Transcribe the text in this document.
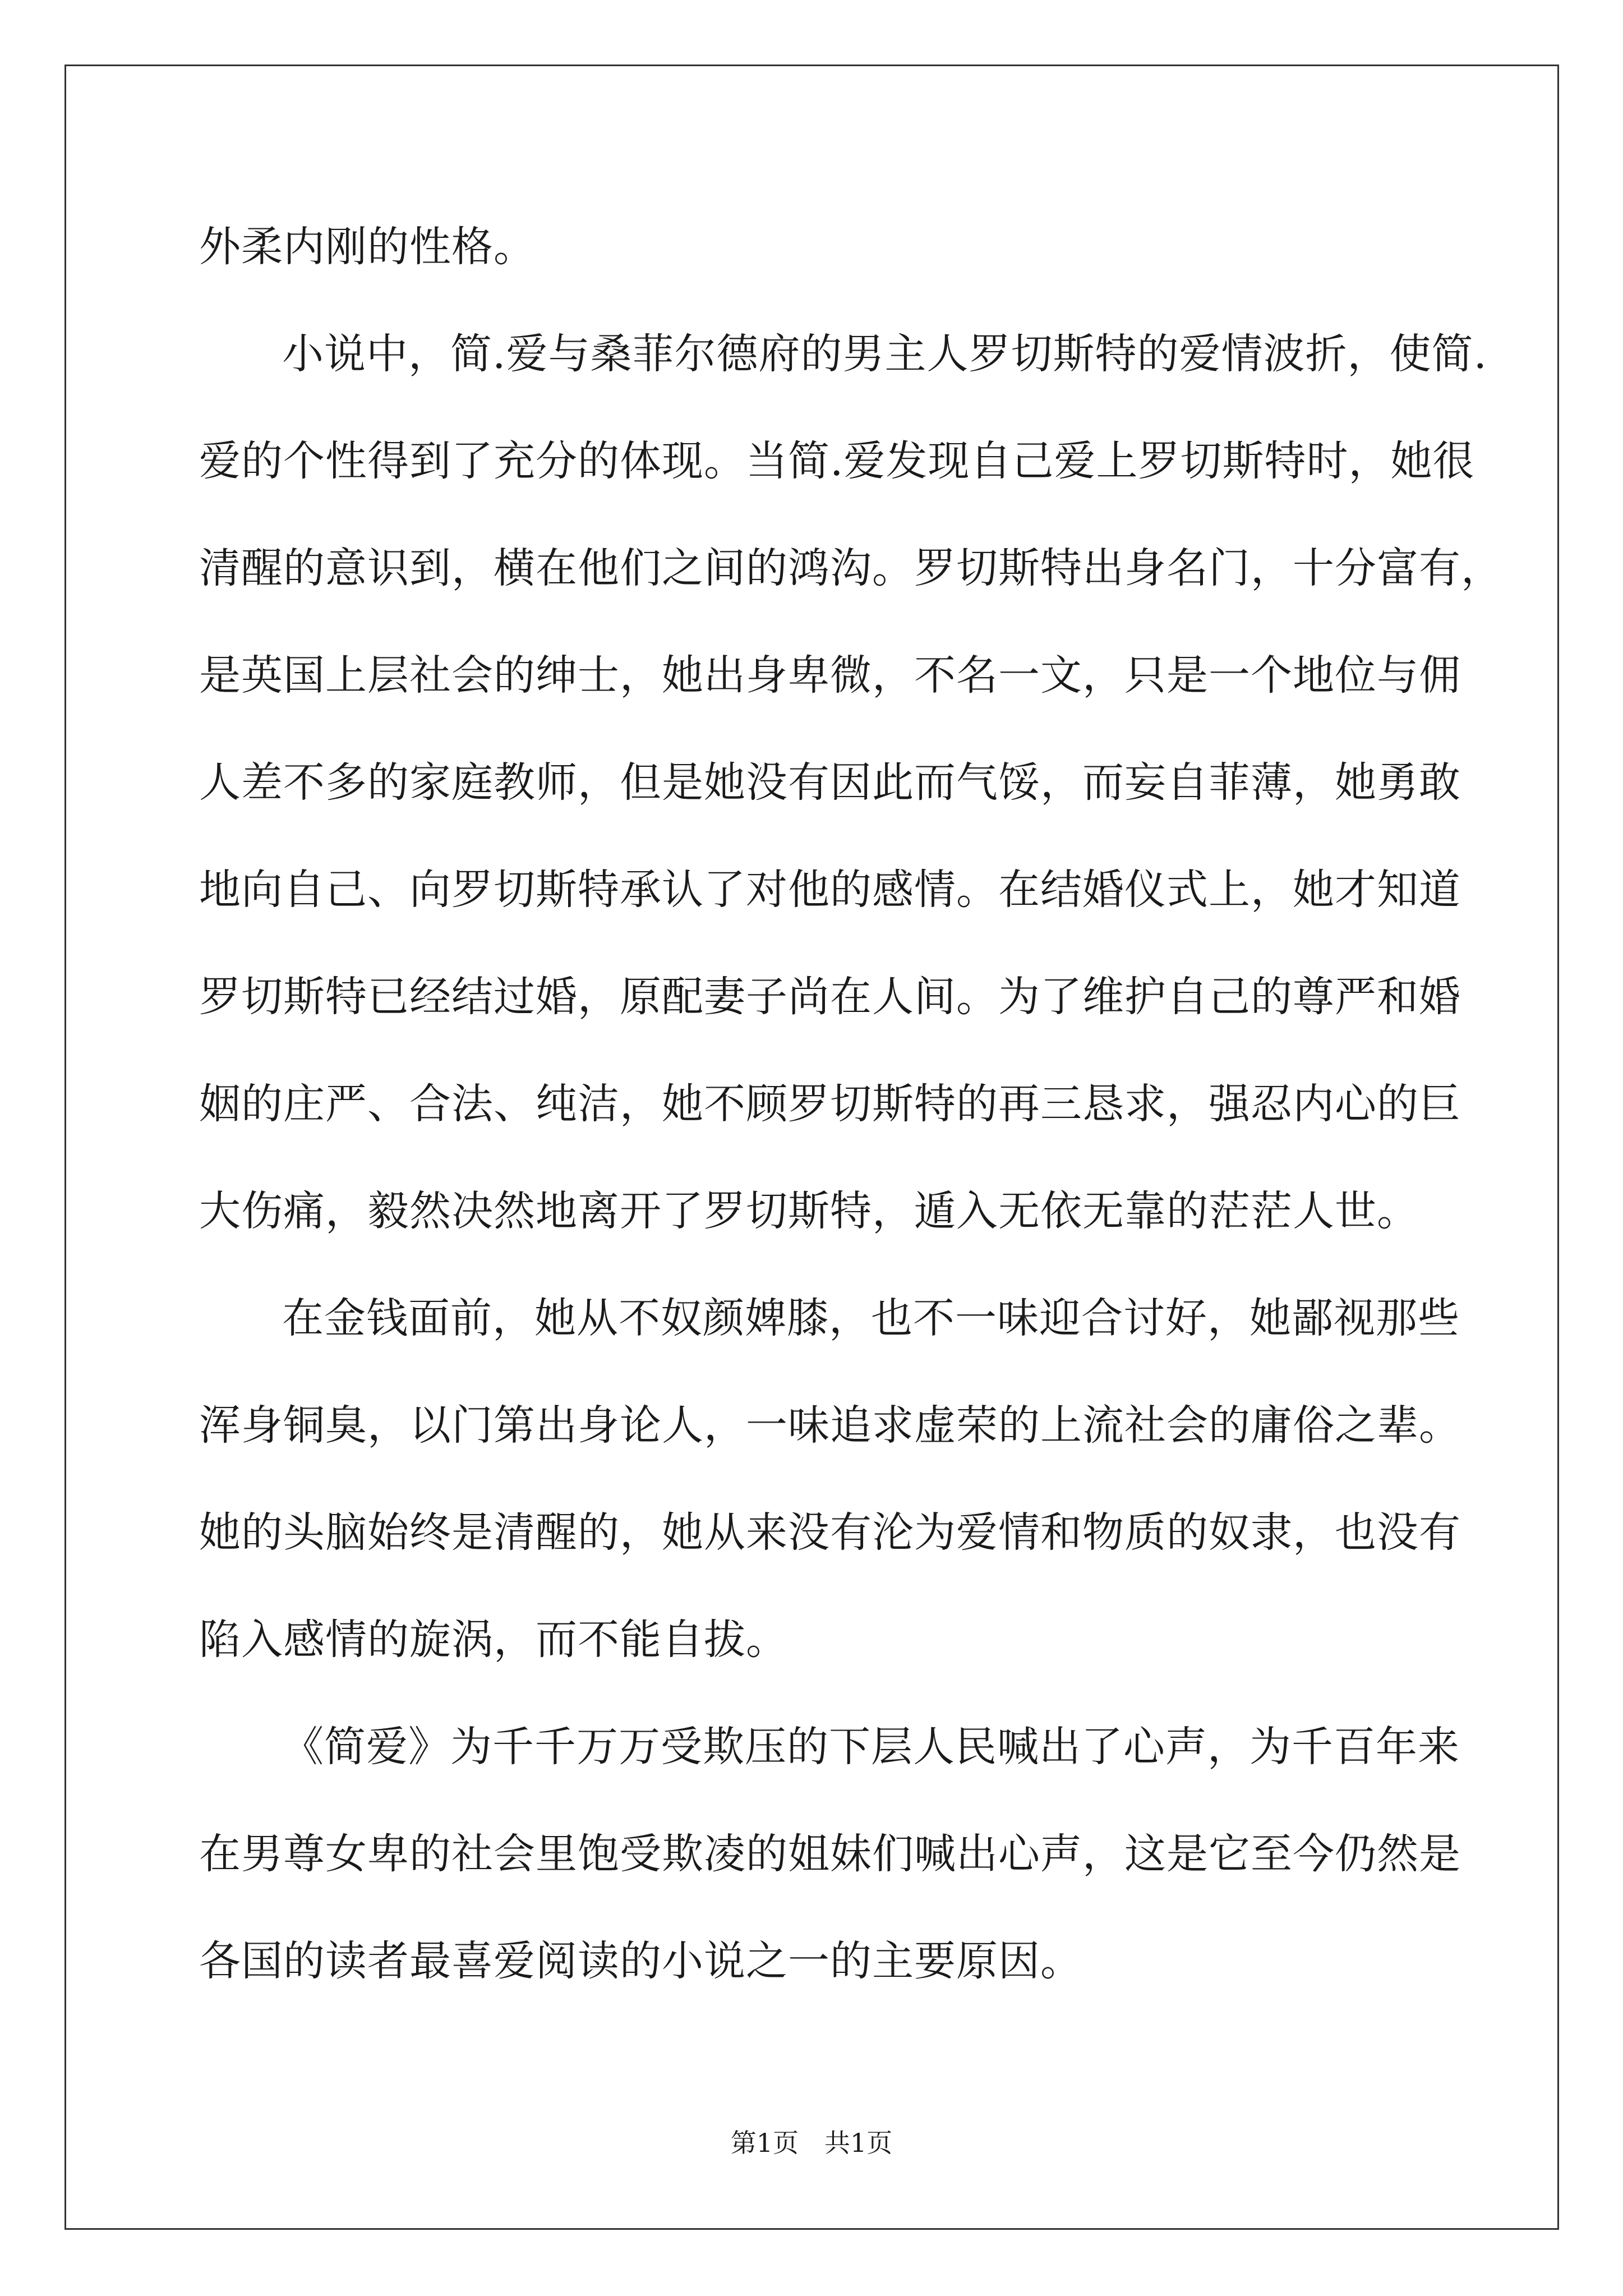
外柔内刚的性格。
小说中，简.爱与桑菲尔德府的男主人罗切斯特的爱情波折，使简.
爱的个性得到了充分的体现。当简.爱发现自己爱上罗切斯特时，她很
清醒的意识到，横在他们之间的鸿沟。罗切斯特出身名门，十分富有，
是英国上层社会的绅士，她出身卑微，不名一文，只是一个地位与佣
人差不多的家庭教师，但是她没有因此而气馁，而妄自菲薄，她勇敢
地向自己、向罗切斯特承认了对他的感情。在结婚仪式上，她才知道
罗切斯特已经结过婚，原配妻子尚在人间。为了维护自己的尊严和婚
姻的庄严、合法、纯洁，她不顾罗切斯特的再三恳求，强忍内心的巨
大伤痛，毅然决然地离开了罗切斯特，遁入无依无靠的茫茫人世。
在金钱面前，她从不奴颜婢膝，也不一味迎合讨好，她鄙视那些
浑身铜臭，以门第出身论人，一味追求虚荣的上流社会的庸俗之辈。
她的头脑始终是清醒的，她从来没有沦为爱情和物质的奴隶，也没有
陷入感情的旋涡，而不能自拔。
《简爱》为千千万万受欺压的下层人民喊出了心声，为千百年来
在男尊女卑的社会里饱受欺凌的姐妹们喊出心声，这是它至今仍然是
各国的读者最喜爱阅读的小说之一的主要原因。
第1页 共1页
